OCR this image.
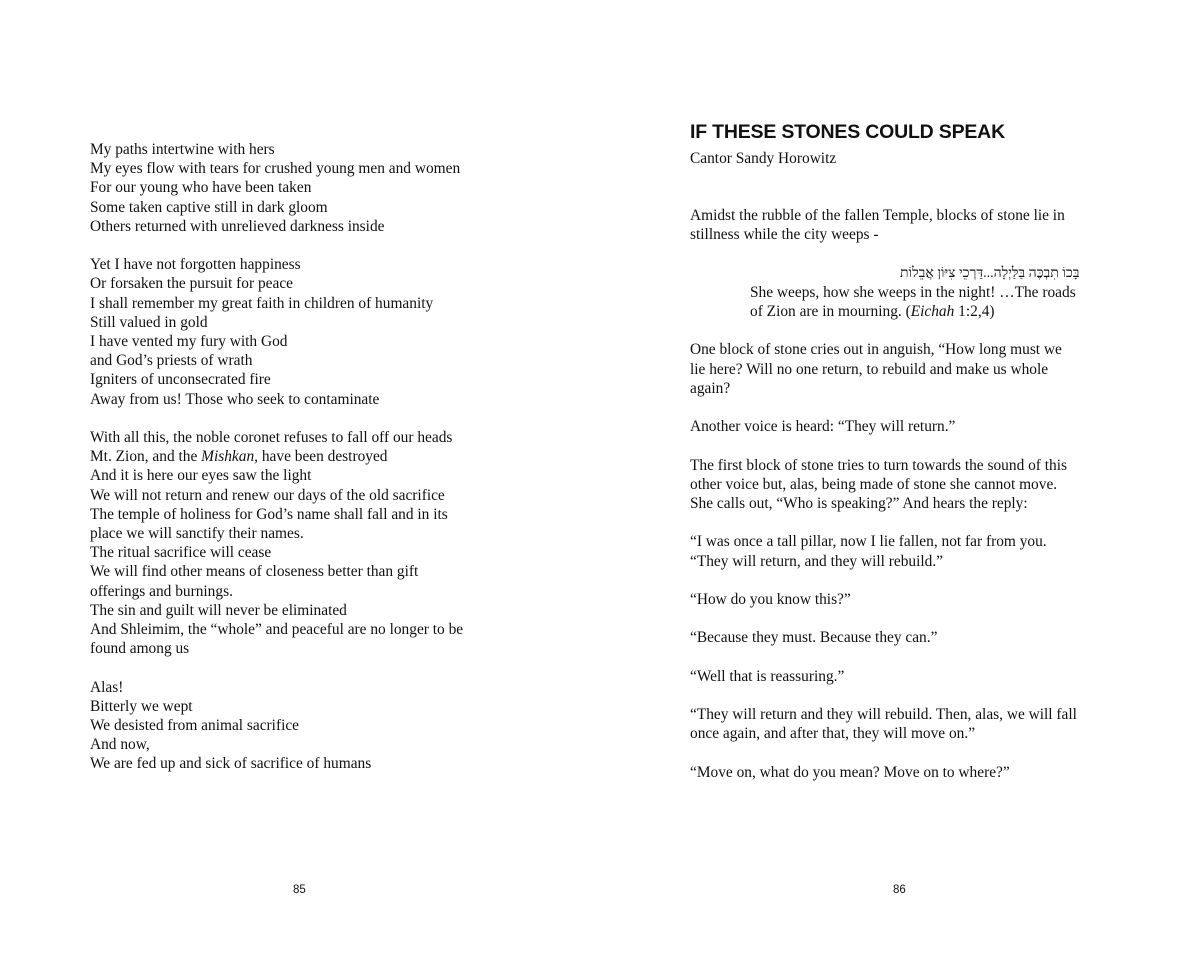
My paths intertwine with hers
My eyes flow with tears for crushed young men and women
For our young who have been taken
Some taken captive still in dark gloom
Others returned with unrelieved darkness inside
Yet I have not forgotten happiness
Or forsaken the pursuit for peace
I shall remember my great faith in children of humanity
Still valued in gold
I have vented my fury with God
and God’s priests of wrath
Igniters of unconsecrated fire
Away from us! Those who seek to contaminate
With all this, the noble coronet refuses to fall off our heads
Mt. Zion, and the Mishkan, have been destroyed
And it is here our eyes saw the light
We will not return and renew our days of the old sacrifice
The temple of holiness for God’s name shall fall and in its
place we will sanctify their names.
The ritual sacrifice will cease
We will find other means of closeness better than gift
offerings and burnings.
The sin and guilt will never be eliminated
And Shleimim, the “whole” and peaceful are no longer to be
found among us
Alas!
Bitterly we wept
We desisted from animal sacrifice
And now,
We are fed up and sick of sacrifice of humans
85
IF THESE STONES COULD SPEAK
Cantor Sandy Horowitz
Amidst the rubble of the fallen Temple, blocks of stone lie in
stillness while the city weeps -
בָּכוֹ תִבְכֶּה בַּלַּיְלָה...דַּרְכֵי צִיּוֹן אֲבֵלוֹת
She weeps, how she weeps in the night! …The roads
of Zion are in mourning. (Eichah 1:2,4)
One block of stone cries out in anguish, “How long must we
lie here? Will no one return, to rebuild and make us whole
again?
Another voice is heard: “They will return.”
The first block of stone tries to turn towards the sound of this
other voice but, alas, being made of stone she cannot move.
She calls out, “Who is speaking?” And hears the reply:
“I was once a tall pillar, now I lie fallen, not far from you.
“They will return, and they will rebuild.”
“How do you know this?”
“Because they must. Because they can.”
“Well that is reassuring.”
“They will return and they will rebuild. Then, alas, we will fall
once again, and after that, they will move on.”
“Move on, what do you mean? Move on to where?”
86
